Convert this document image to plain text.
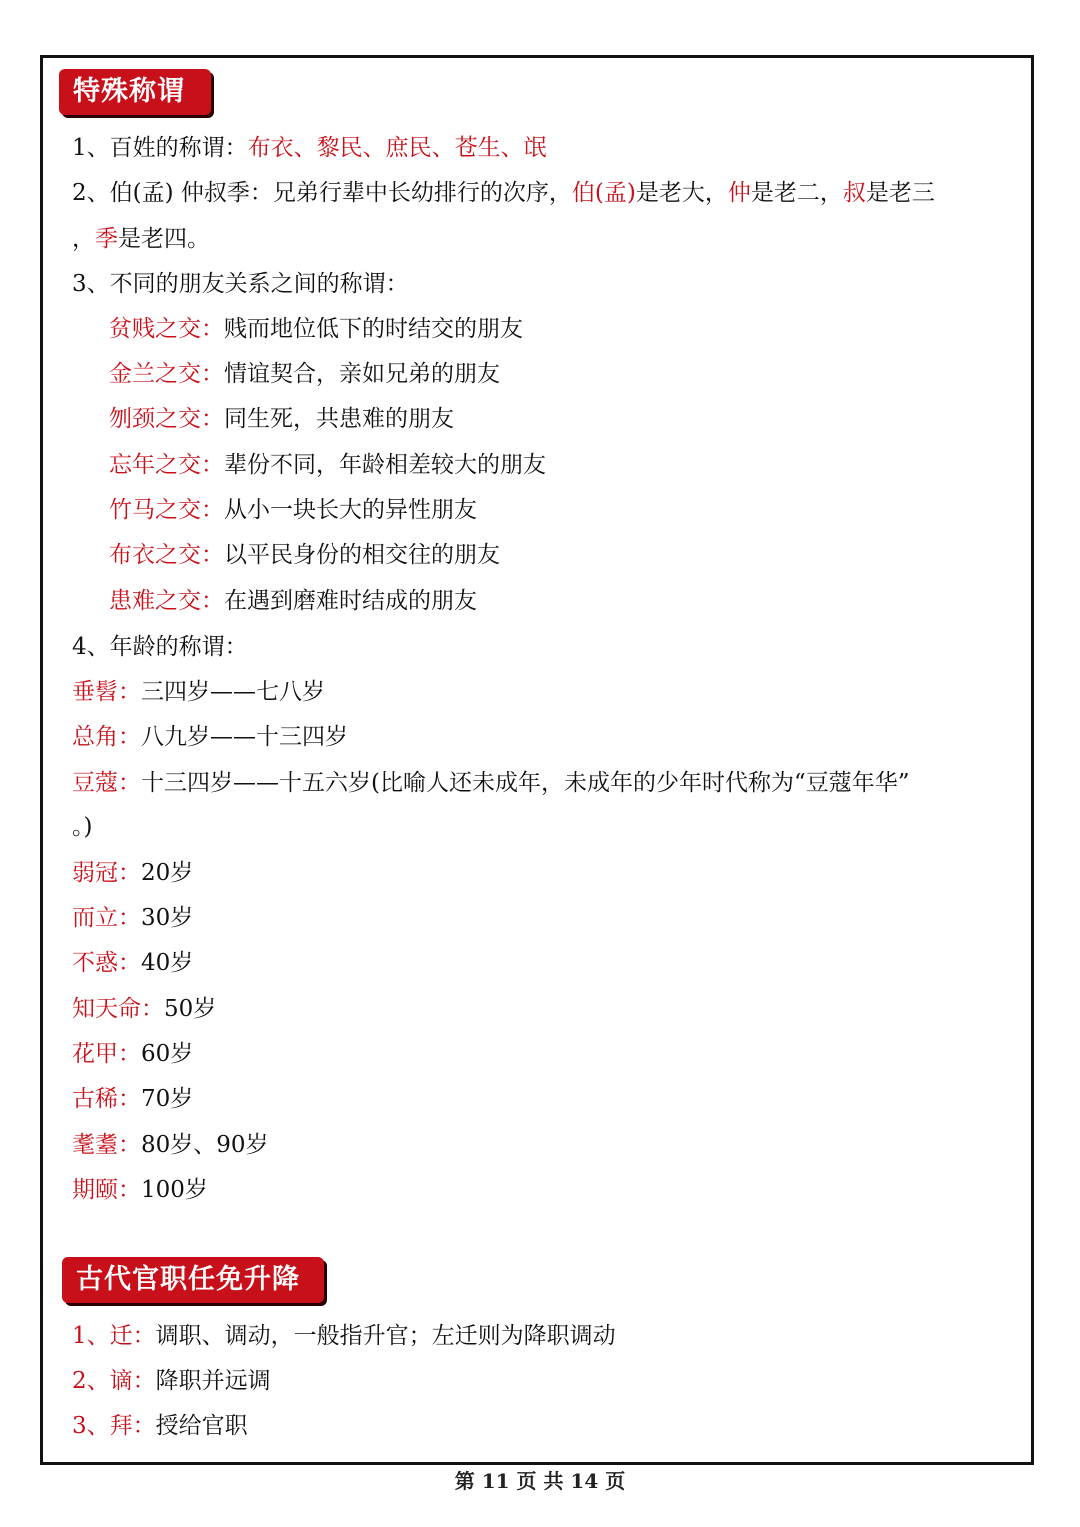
特殊称谓
1、百姓的称谓：布衣、黎民、庶民、苍生、氓
2、伯(孟) 仲叔季：兄弟行辈中长幼排行的次序，伯(孟)是老大，仲是老二，叔是老三
，季是老四。
3、不同的朋友关系之间的称谓：
贫贱之交：贱而地位低下的时结交的朋友
金兰之交：情谊契合，亲如兄弟的朋友
刎颈之交：同生死，共患难的朋友
忘年之交：辈份不同，年龄相差较大的朋友
竹马之交：从小一块长大的异性朋友
布衣之交：以平民身份的相交往的朋友
患难之交：在遇到磨难时结成的朋友
4、年龄的称谓：
垂髫：三四岁——七八岁
总角：八九岁——十三四岁
豆蔻：十三四岁——十五六岁(比喻人还未成年，未成年的少年时代称为“豆蔻年华”
。)
弱冠：20岁
而立：30岁
不惑：40岁
知天命：50岁
花甲：60岁
古稀：70岁
耄耋：80岁、90岁
期颐：100岁
古代官职任免升降
1、迁：调职、调动，一般指升官；左迁则为降职调动
2、谪：降职并远调
3、拜：授给官职
第 11 页 共 14 页
